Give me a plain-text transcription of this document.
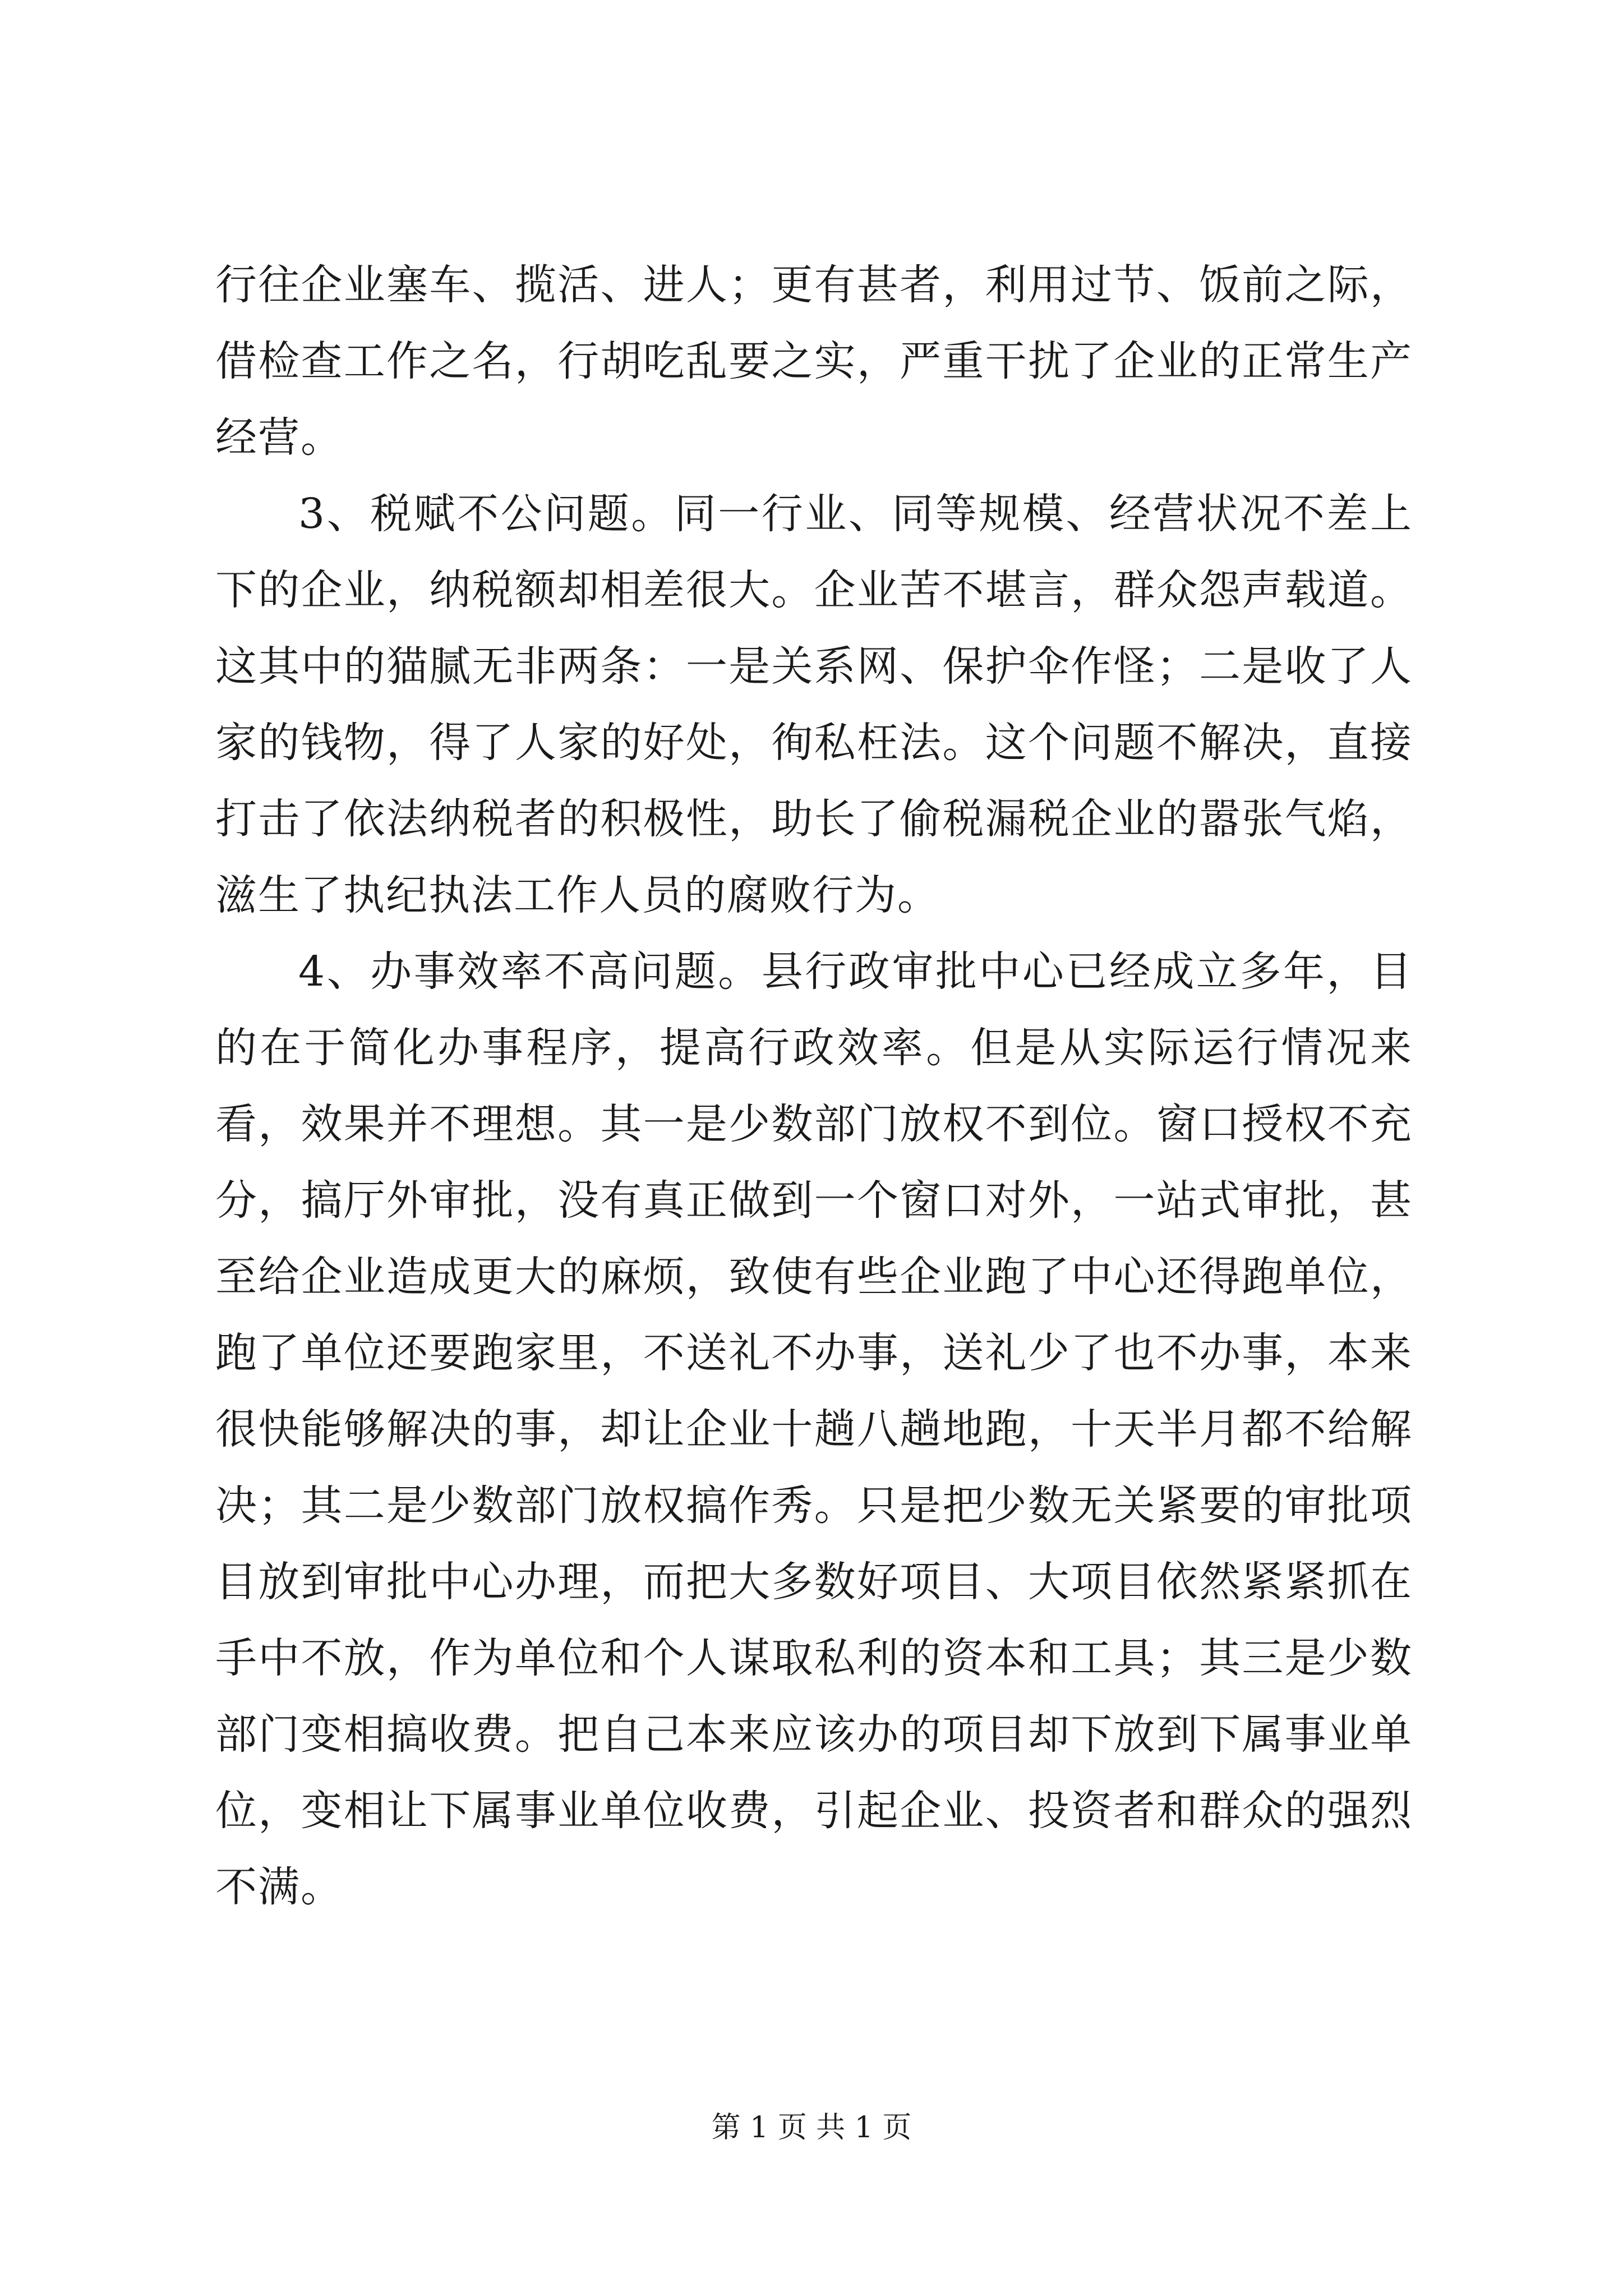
行往企业塞车、揽活、进人；更有甚者，利用过节、饭前之际，借检查工作之名，行胡吃乱要之实，严重干扰了企业的正常生产经营。

3、税赋不公问题。同一行业、同等规模、经营状况不差上下的企业，纳税额却相差很大。企业苦不堪言，群众怨声载道。这其中的猫腻无非两条：一是关系网、保护伞作怪；二是收了人家的钱物，得了人家的好处，徇私枉法。这个问题不解决，直接打击了依法纳税者的积极性，助长了偷税漏税企业的嚣张气焰，滋生了执纪执法工作人员的腐败行为。

4、办事效率不高问题。县行政审批中心已经成立多年，目的在于简化办事程序，提高行政效率。但是从实际运行情况来看，效果并不理想。其一是少数部门放权不到位。窗口授权不充分，搞厅外审批，没有真正做到一个窗口对外，一站式审批，甚至给企业造成更大的麻烦，致使有些企业跑了中心还得跑单位，跑了单位还要跑家里，不送礼不办事，送礼少了也不办事，本来很快能够解决的事，却让企业十趟八趟地跑，十天半月都不给解决；其二是少数部门放权搞作秀。只是把少数无关紧要的审批项目放到审批中心办理，而把大多数好项目、大项目依然紧紧抓在手中不放，作为单位和个人谋取私利的资本和工具；其三是少数部门变相搞收费。把自己本来应该办的项目却下放到下属事业单位，变相让下属事业单位收费，引起企业、投资者和群众的强烈不满。

第 1 页 共 1 页
